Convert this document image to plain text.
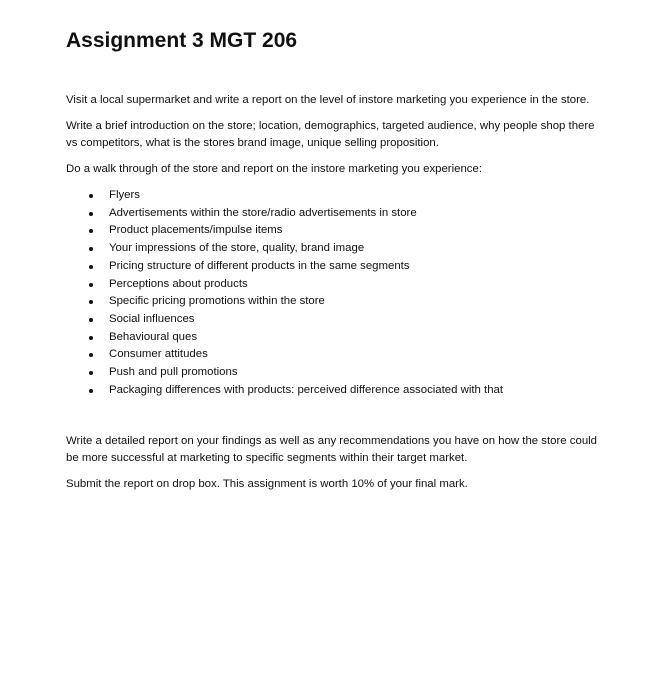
Assignment 3 MGT 206

Visit a local supermarket and write a report on the level of instore marketing you experience in the store.

Write a brief introduction on the store; location, demographics, targeted audience, why people shop there vs competitors, what is the stores brand image, unique selling proposition.

Do a walk through of the store and report on the instore marketing you experience:

Flyers
Advertisements within the store/radio advertisements in store
Product placements/impulse items
Your impressions of the store, quality, brand image
Pricing structure of different products in the same segments
Perceptions about products
Specific pricing promotions within the store
Social influences
Behavioural ques
Consumer attitudes
Push and pull promotions
Packaging differences with products: perceived difference associated with that

Write a detailed report on your findings as well as any recommendations you have on how the store could be more successful at marketing to specific segments within their target market.

Submit the report on drop box. This assignment is worth 10% of your final mark.
